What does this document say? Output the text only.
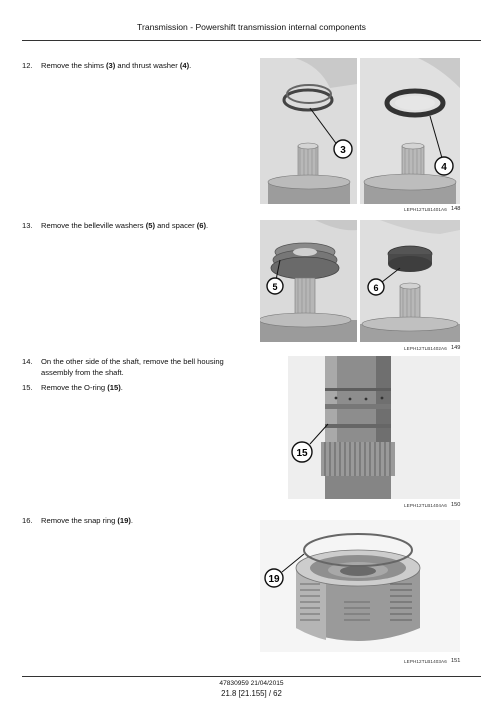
Transmission - Powershift transmission internal components
12. Remove the shims (3) and thrust washer (4).
3
4
LEPH12TLB1401A6 148
13. Remove the belleville washers (5) and spacer (6).
5	6
LEPH12TLB1402A6 149
14. On the other side of the shaft, remove the bell housing assembly from the shaft.
15. Remove the O-ring (15).
15
LEPH12TLB1404A6 150
16. Remove the snap ring (19).
19
LEPH12TLB1403A6 151
47830959 21/04/2015
21.8 [21.155] / 62
